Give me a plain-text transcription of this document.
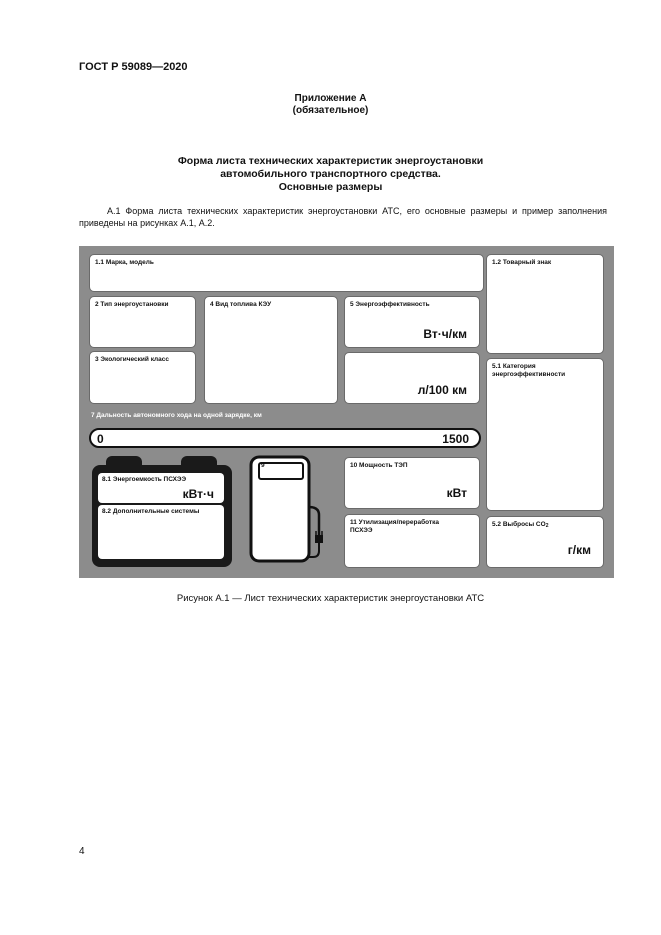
ГОСТ Р 59089—2020
Приложение А
(обязательное)
Форма листа технических характеристик энергоустановки
автомобильного транспортного средства.
Основные размеры
А.1 Форма листа технических характеристик энергоустановки АТС, его основные размеры и пример заполнения приведены на рисунках А.1, А.2.
1.1 Марка, модель	1.2 Товарный знак
2 Тип энергоустановки
3 Экологический класс
4 Вид топлива КЭУ	5 Энергоэффективность
Вт·ч/км
л/100 км
5.1 Категория энергоэффективности
7 Дальность автономного хода на одной зарядке, км
0	1500
8.1 Энергоемкость ПСХЭЭ
кВт·ч
8.2 Дополнительные системы
9	10 Мощность ТЭП
кВт
11 Утилизация/переработка ПСХЭЭ
5.2 Выбросы $CO_2$
г/км
Рисунок А.1 — Лист технических характеристик энергоустановки АТС
4
